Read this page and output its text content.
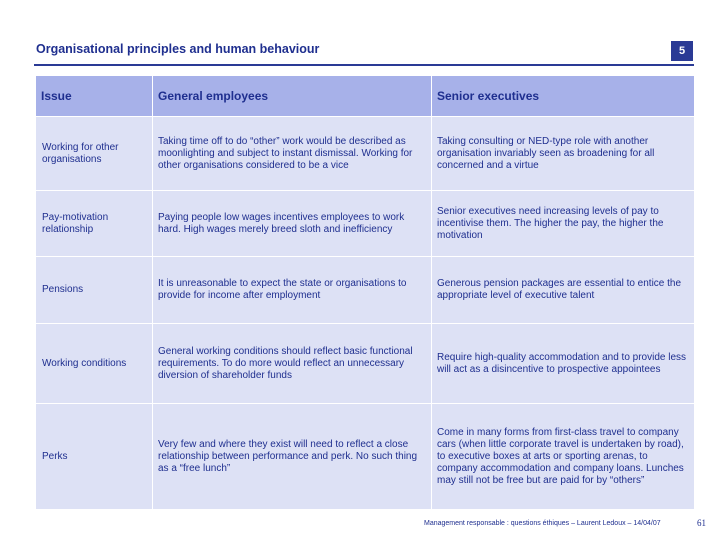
Organisational principles and human behaviour	5
Issue	General employees	Senior executives
Working for other organisations	Taking time off to do “other” work would be described as moonlighting and subject to instant dismissal. Working for other organisations considered to be a vice	Taking consulting or NED-type role with another organisation invariably seen as broadening for all concerned and a virtue
Pay-motivation relationship	Paying people low wages incentives employees to work hard. High wages merely breed sloth and inefficiency	Senior executives need increasing levels of pay to incentivise them. The higher the pay, the higher the motivation
Pensions	It is unreasonable to expect the state or organisations to provide for income after employment	Generous pension packages are essential to entice the appropriate level of executive talent
Working conditions	General working conditions should reflect basic functional requirements. To do more would reflect an unnecessary diversion of shareholder funds	Require high-quality accommodation and to provide less will act as a disincentive to prospective appointees
Perks	Very few and where they exist will need to reflect a close relationship between performance and perk. No such thing as a “free lunch”	Come in many forms from first-class travel to company cars (when little corporate travel is undertaken by road), to executive boxes at arts or sporting arenas, to company accommodation and company loans. Lunches may still not be free but are paid for by “others”
Management responsable : questions éthiques – Laurent Ledoux – 14/04/07	61
